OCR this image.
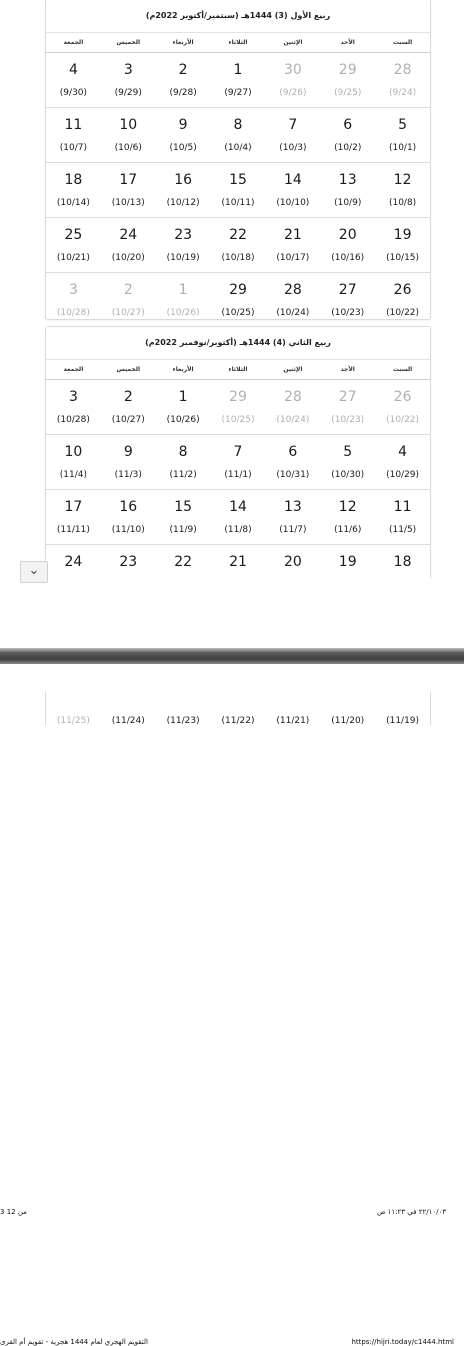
ربيع الأول (3) 1444هـ (سبتمبر/أكتوبر 2022م)
السبت
الأحد
الإثنين
الثلاثاء
الأربعاء
الخميس
الجمعة
28
(9/24)
29
(9/25)
30
(9/26)
1
(9/27)
2
(9/28)
3
(9/29)
4
(9/30)
5
(10/1)
6
(10/2)
7
(10/3)
8
(10/4)
9
(10/5)
10
(10/6)
11
(10/7)
12
(10/8)
13
(10/9)
14
(10/10)
15
(10/11)
16
(10/12)
17
(10/13)
18
(10/14)
19
(10/15)
20
(10/16)
21
(10/17)
22
(10/18)
23
(10/19)
24
(10/20)
25
(10/21)
26
(10/22)
27
(10/23)
28
(10/24)
29
(10/25)
1
(10/26)
2
(10/27)
3
(10/28)
ربيع الثاني (4) 1444هـ (أكتوبر/نوفمبر 2022م)
السبت
الأحد
الإثنين
الثلاثاء
الأربعاء
الخميس
الجمعة
26
(10/22)
27
(10/23)
28
(10/24)
29
(10/25)
1
(10/26)
2
(10/27)
3
(10/28)
4
(10/29)
5
(10/30)
6
(10/31)
7
(11/1)
8
(11/2)
9
(11/3)
10
(11/4)
11
(11/5)
12
(11/6)
13
(11/7)
14
(11/8)
15
(11/9)
16
(11/10)
17
(11/11)
18
19
20
21
22
23
24
من 12 3	٢٢/١٠/٠٣ في ١١:٢٣ ص
⌄
التقويم الهجري لعام 1444 هجرية - تقويم أم القرى	https://hijri.today/c1444.html
(11/19)
(11/20)
(11/21)
(11/22)
(11/23)
(11/24)
(11/25)
